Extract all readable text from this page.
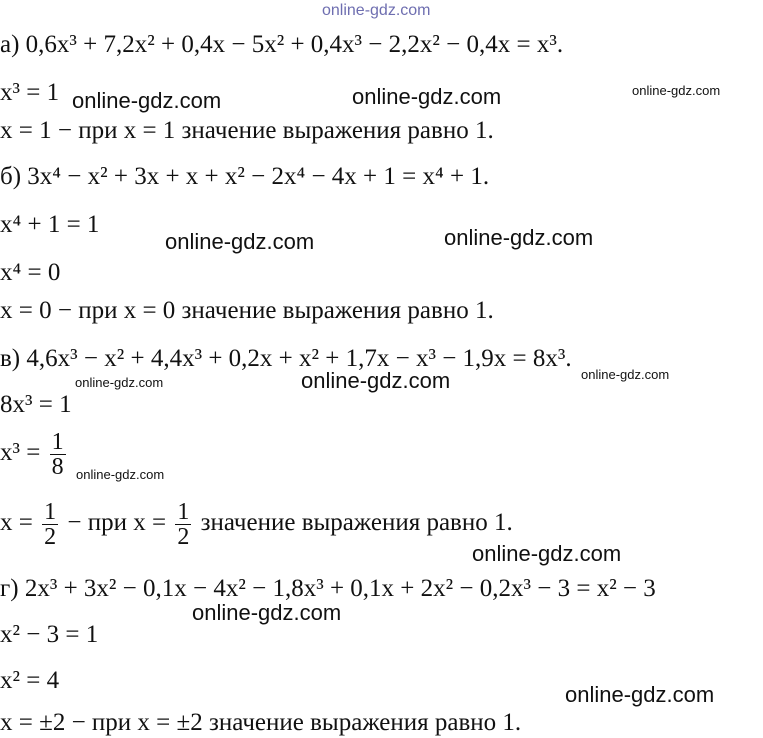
online-gdz.com
online-gdz.com	online-gdz.com	online-gdz.com
online-gdz.com	online-gdz.com
online-gdz.com	online-gdz.com	online-gdz.com
online-gdz.com
online-gdz.com
online-gdz.com
online-gdz.com
а) 0,6x³ + 7,2x² + 0,4x − 5x² + 0,4x³ − 2,2x² − 0,4x = x³.
x³ = 1
x = 1 − при x = 1 значение выражения равно 1.
б) 3x⁴ − x² + 3x + x + x² − 2x⁴ − 4x + 1 = x⁴ + 1.
x⁴ + 1 = 1
x⁴ = 0
x = 0 − при x = 0 значение выражения равно 1.
в) 4,6x³ − x² + 4,4x³ + 0,2x + x² + 1,7x − x³ − 1,9x = 8x³.
8x³ = 1
$x^3 = \frac{1}{8}$
$x = \frac{1}{2}$ − при $x = \frac{1}{2}$ значение выражения равно 1.
г) 2x³ + 3x² − 0,1x − 4x² − 1,8x³ + 0,1x + 2x² − 0,2x³ − 3 = x² − 3
x² − 3 = 1
x² = 4
x = ±2 − при x = ±2 значение выражения равно 1.
